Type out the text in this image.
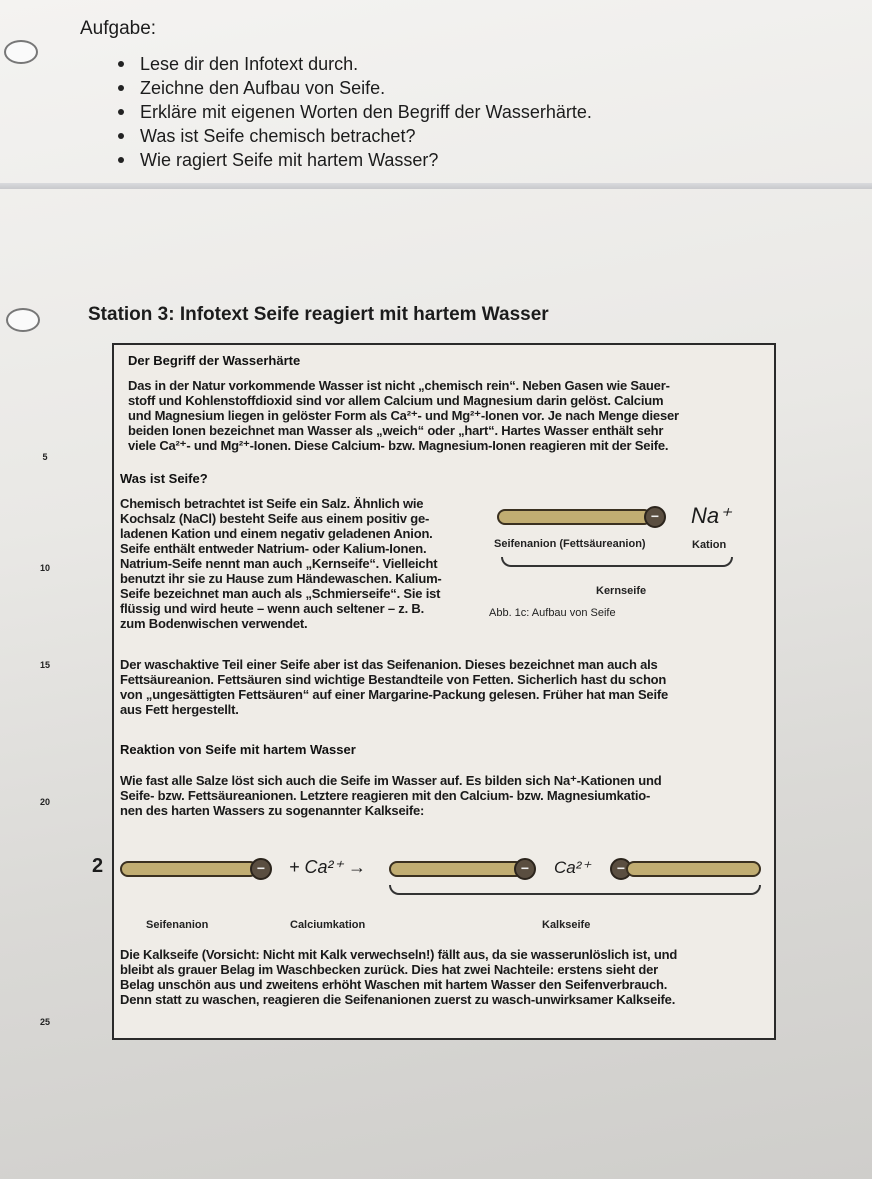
Aufgabe:
Lese dir den Infotext durch.
Zeichne den Aufbau von Seife.
Erkläre mit eigenen Worten den Begriff der Wasserhärte.
Was ist Seife chemisch betrachet?
Wie ragiert Seife mit hartem Wasser?
Station 3: Infotext Seife reagiert mit hartem Wasser
5
10
15
20
25
Der Begriff der Wasserhärte
Das in der Natur vorkommende Wasser ist nicht „chemisch rein“. Neben Gasen wie Sauer-
stoff und Kohlenstoffdioxid sind vor allem Calcium und Magnesium darin gelöst. Calcium
und Magnesium liegen in gelöster Form als Ca²⁺- und Mg²⁺-Ionen vor. Je nach Menge dieser
beiden Ionen bezeichnet man Wasser als „weich“ oder „hart“. Hartes Wasser enthält sehr
viele Ca²⁺- und Mg²⁺-Ionen. Diese Calcium- bzw. Magnesium-Ionen reagieren mit der Seife.
Was ist Seife?
Chemisch betrachtet ist Seife ein Salz. Ähnlich wie
Kochsalz (NaCl) besteht Seife aus einem positiv ge-
ladenen Kation und einem negativ geladenen Anion.
Seife enthält entweder Natrium- oder Kalium-Ionen.
Natrium-Seife nennt man auch „Kernseife“. Vielleicht
benutzt ihr sie zu Hause zum Händewaschen. Kalium-
Seife bezeichnet man auch als „Schmierseife“. Sie ist
flüssig und wird heute – wenn auch seltener – z. B.
zum Bodenwischen verwendet.
−	Na⁺
Seifenanion (Fettsäureanion)	Kation
Kernseife
Abb. 1c: Aufbau von Seife
Der waschaktive Teil einer Seife aber ist das Seifenanion. Dieses bezeichnet man auch als
Fettsäureanion. Fettsäuren sind wichtige Bestandteile von Fetten. Sicherlich hast du schon
von „ungesättigten Fettsäuren“ auf einer Margarine-Packung gelesen. Früher hat man Seife
aus Fett hergestellt.
Reaktion von Seife mit hartem Wasser
Wie fast alle Salze löst sich auch die Seife im Wasser auf. Es bilden sich Na⁺-Kationen und
Seife- bzw. Fettsäureanionen. Letztere reagieren mit den Calcium- bzw. Magnesiumkatio-
nen des harten Wassers zu sogenannter Kalkseife:
2	−	+ Ca²⁺ →	−	Ca²⁺	−
Seifenanion	Calciumkation	Kalkseife
Die Kalkseife (Vorsicht: Nicht mit Kalk verwechseln!) fällt aus, da sie wasserunlöslich ist, und
bleibt als grauer Belag im Waschbecken zurück. Dies hat zwei Nachteile: erstens sieht der
Belag unschön aus und zweitens erhöht Waschen mit hartem Wasser den Seifenverbrauch.
Denn statt zu waschen, reagieren die Seifenanionen zuerst zu wasch-unwirksamer Kalkseife.
